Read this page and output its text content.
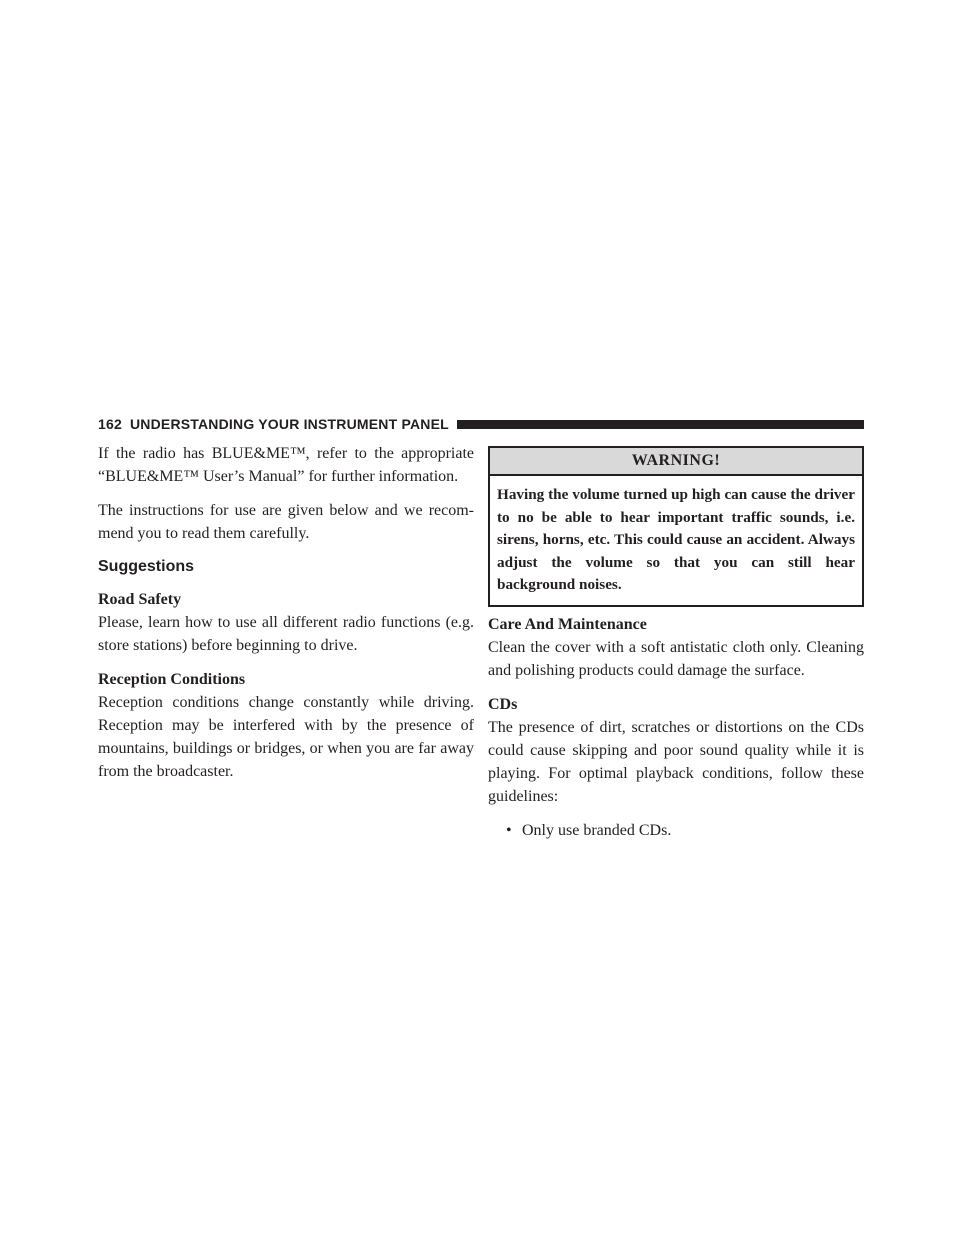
162 UNDERSTANDING YOUR INSTRUMENT PANEL

If the radio has BLUE&ME™, refer to the appropriate “BLUE&ME™ User’s Manual” for further information.

The instructions for use are given below and we recom-mend you to read them carefully.

Suggestions
Road Safety

Please, learn how to use all different radio functions (e.g. store stations) before beginning to drive.

Reception Conditions

Reception conditions change constantly while driving. Reception may be interfered with by the presence of mountains, buildings or bridges, or when you are far away from the broadcaster.

WARNING!
Having the volume turned up high can cause the driver to no be able to hear important traffic sounds, i.e. sirens, horns, etc. This could cause an accident. Always adjust the volume so that you can still hear background noises.
Care And Maintenance

Clean the cover with a soft antistatic cloth only. Cleaning and polishing products could damage the surface.

CDs

The presence of dirt, scratches or distortions on the CDs could cause skipping and poor sound quality while it is playing. For optimal playback conditions, follow these guidelines:

• Only use branded CDs.
